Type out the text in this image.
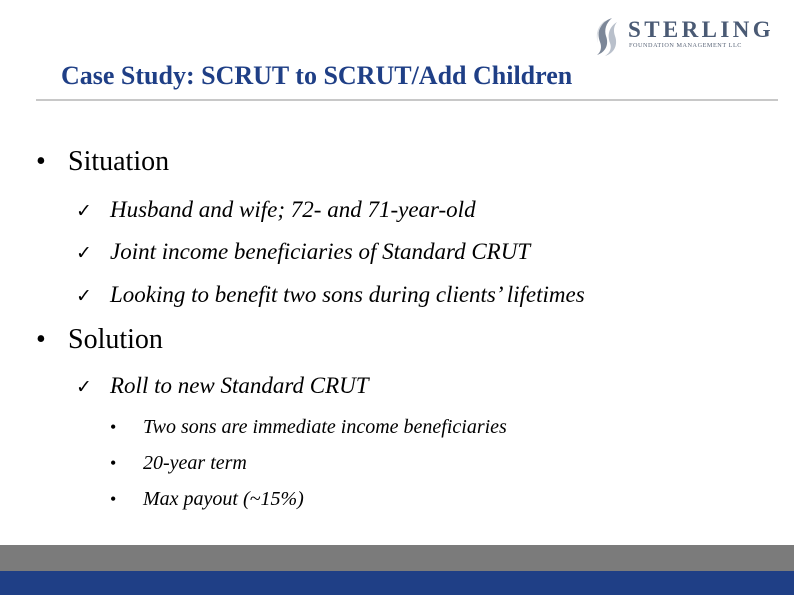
STERLING
FOUNDATION MANAGEMENT LLC
Case Study: SCRUT to SCRUT/Add Children
• Situation
✓ Husband and wife; 72- and 71-year-old
✓ Joint income beneficiaries of Standard CRUT
✓ Looking to benefit two sons during clients’ lifetimes
• Solution
✓ Roll to new Standard CRUT
• Two sons are immediate income beneficiaries
• 20-year term
• Max payout (~15%)
